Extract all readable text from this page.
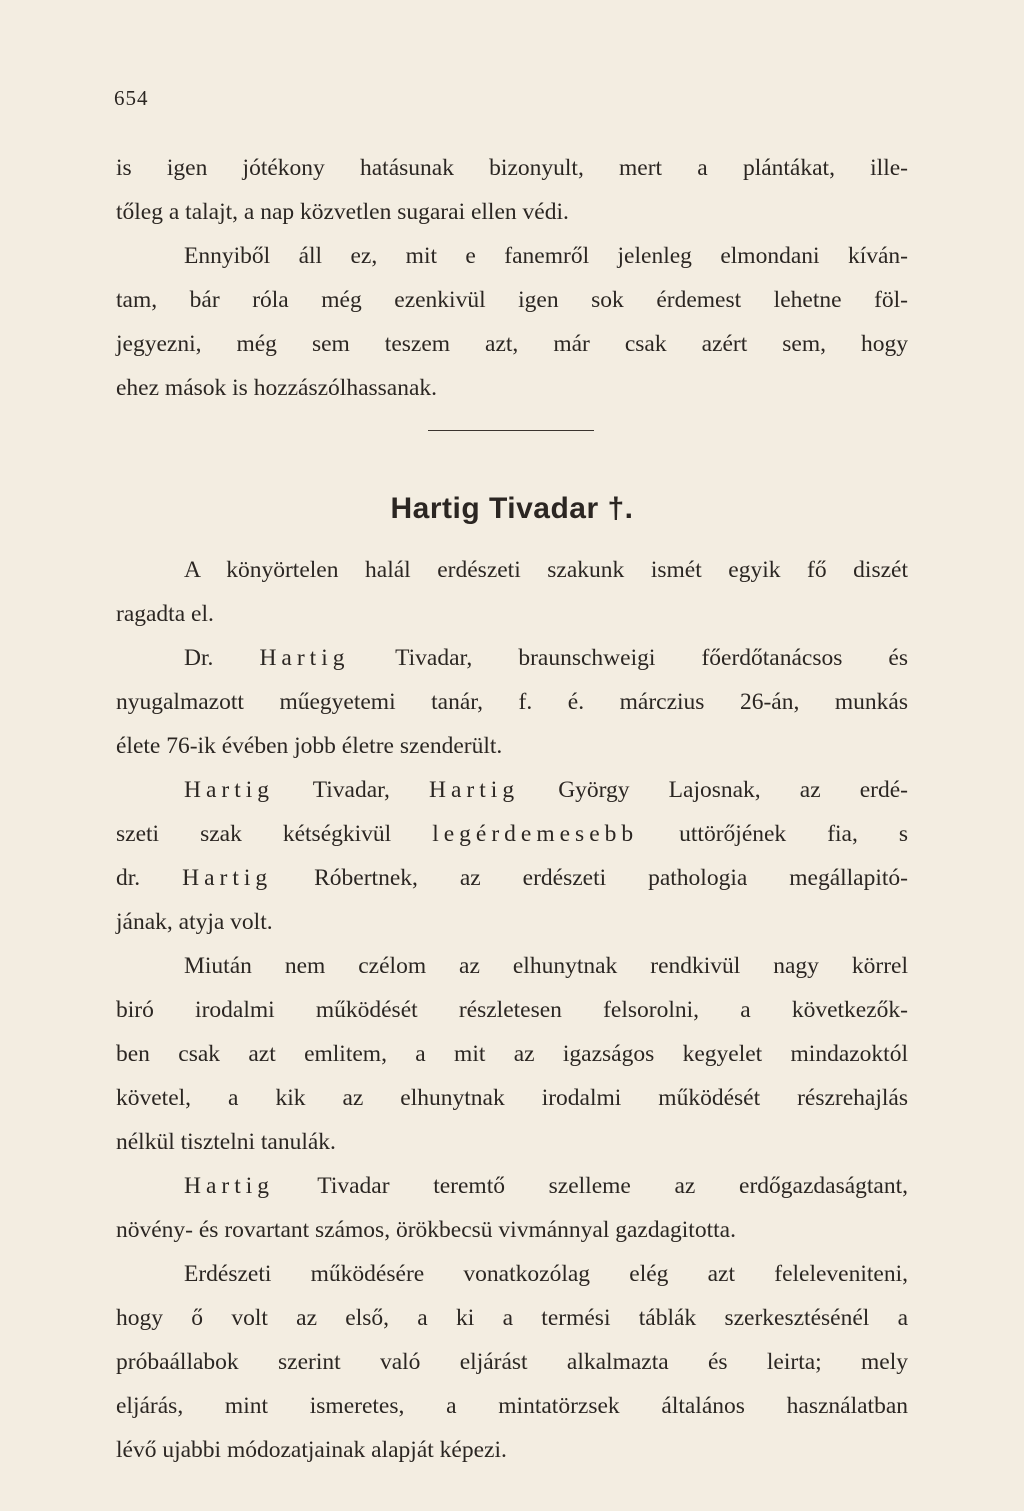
654
is igen jótékony hatásunak bizonyult, mert a plántákat, ille-
tőleg a talajt, a nap közvetlen sugarai ellen védi.
Ennyiből áll ez, mit e fanemről jelenleg elmondani kíván-
tam, bár róla még ezenkivül igen sok érdemest lehetne föl-
jegyezni, még sem teszem azt, már csak azért sem, hogy
ehez mások is hozzászólhassanak.
Hartig Tivadar †.
A könyörtelen halál erdészeti szakunk ismét egyik fő diszét
ragadta el.
Dr. Hartig Tivadar, braunschweigi főerdőtanácsos és
nyugalmazott műegyetemi tanár, f. é. márczius 26-án, munkás
élete 76-ik évében jobb életre szenderült.
Hartig Tivadar, Hartig György Lajosnak, az erdé-
szeti szak kétségkivül legérdemesebb uttörőjének fia, s
dr. Hartig Róbertnek, az erdészeti pathologia megállapitó-
jának, atyja volt.
Miután nem czélom az elhunytnak rendkivül nagy körrel
biró irodalmi működését részletesen felsorolni, a következők-
ben csak azt emlitem, a mit az igazságos kegyelet mindazoktól
követel, a kik az elhunytnak irodalmi működését részrehajlás
nélkül tisztelni tanulák.
Hartig Tivadar teremtő szelleme az erdőgazdaságtant,
növény- és rovartant számos, örökbecsü vivmánnyal gazdagitotta.
Erdészeti működésére vonatkozólag elég azt feleleveniteni,
hogy ő volt az első, a ki a termési táblák szerkesztésénél a
próbaállabok szerint való eljárást alkalmazta és leirta; mely
eljárás, mint ismeretes, a mintatörzsek általános használatban
lévő ujabbi módozatjainak alapját képezi.
